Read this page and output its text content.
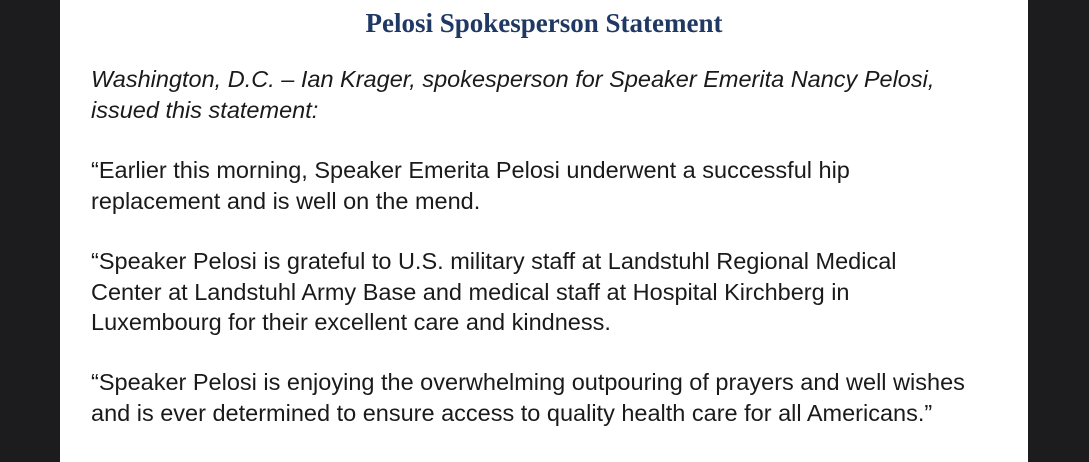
Pelosi Spokesperson Statement
Washington, D.C. – Ian Krager, spokesperson for Speaker Emerita Nancy Pelosi,
issued this statement:
“Earlier this morning, Speaker Emerita Pelosi underwent a successful hip
replacement and is well on the mend.
“Speaker Pelosi is grateful to U.S. military staff at Landstuhl Regional Medical
Center at Landstuhl Army Base and medical staff at Hospital Kirchberg in
Luxembourg for their excellent care and kindness.
“Speaker Pelosi is enjoying the overwhelming outpouring of prayers and well wishes
and is ever determined to ensure access to quality health care for all Americans.”
